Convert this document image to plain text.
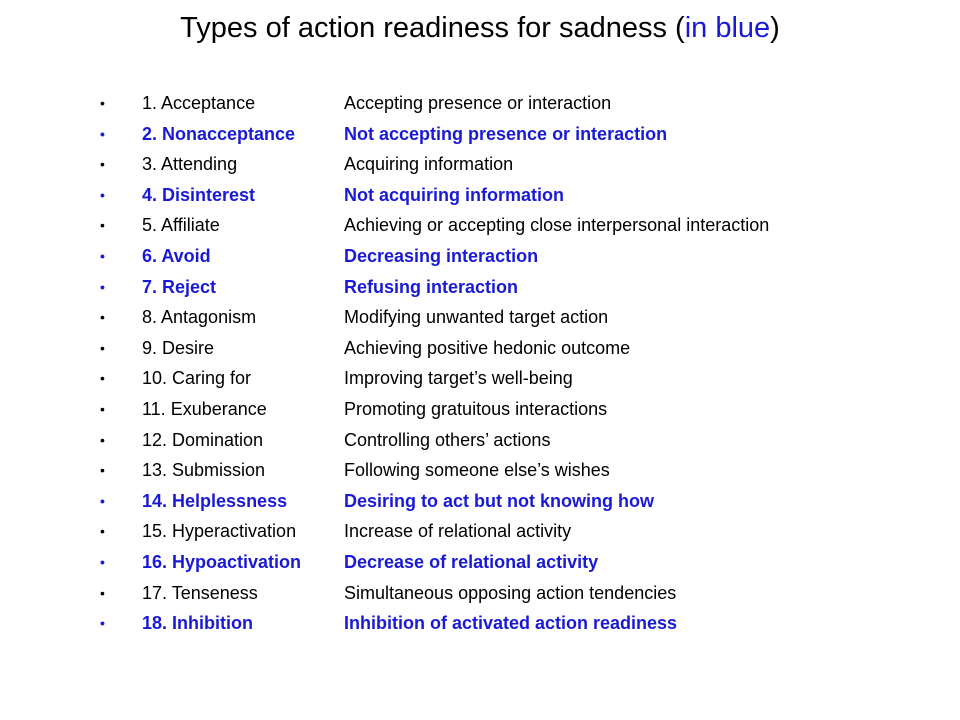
Types of action readiness for sadness (in blue)
•	1. Acceptance	Accepting presence or interaction
•	2. Nonacceptance	Not accepting presence or interaction
•	3. Attending	Acquiring information
•	4. Disinterest	Not acquiring information
•	5. Affiliate	Achieving or accepting close interpersonal interaction
•	6. Avoid	Decreasing interaction
•	7. Reject	Refusing interaction
•	8. Antagonism	Modifying unwanted target action
•	9. Desire	Achieving positive hedonic outcome
•	10. Caring for	Improving target’s well-being
•	11. Exuberance	Promoting gratuitous interactions
•	12. Domination	Controlling others’ actions
•	13. Submission	Following someone else’s wishes
•	14. Helplessness	Desiring to act but not knowing how
•	15. Hyperactivation	Increase of relational activity
•	16. Hypoactivation Decrease of relational activity
•	17. Tenseness	Simultaneous opposing action tendencies
•	18. Inhibition	Inhibition of activated action readiness
